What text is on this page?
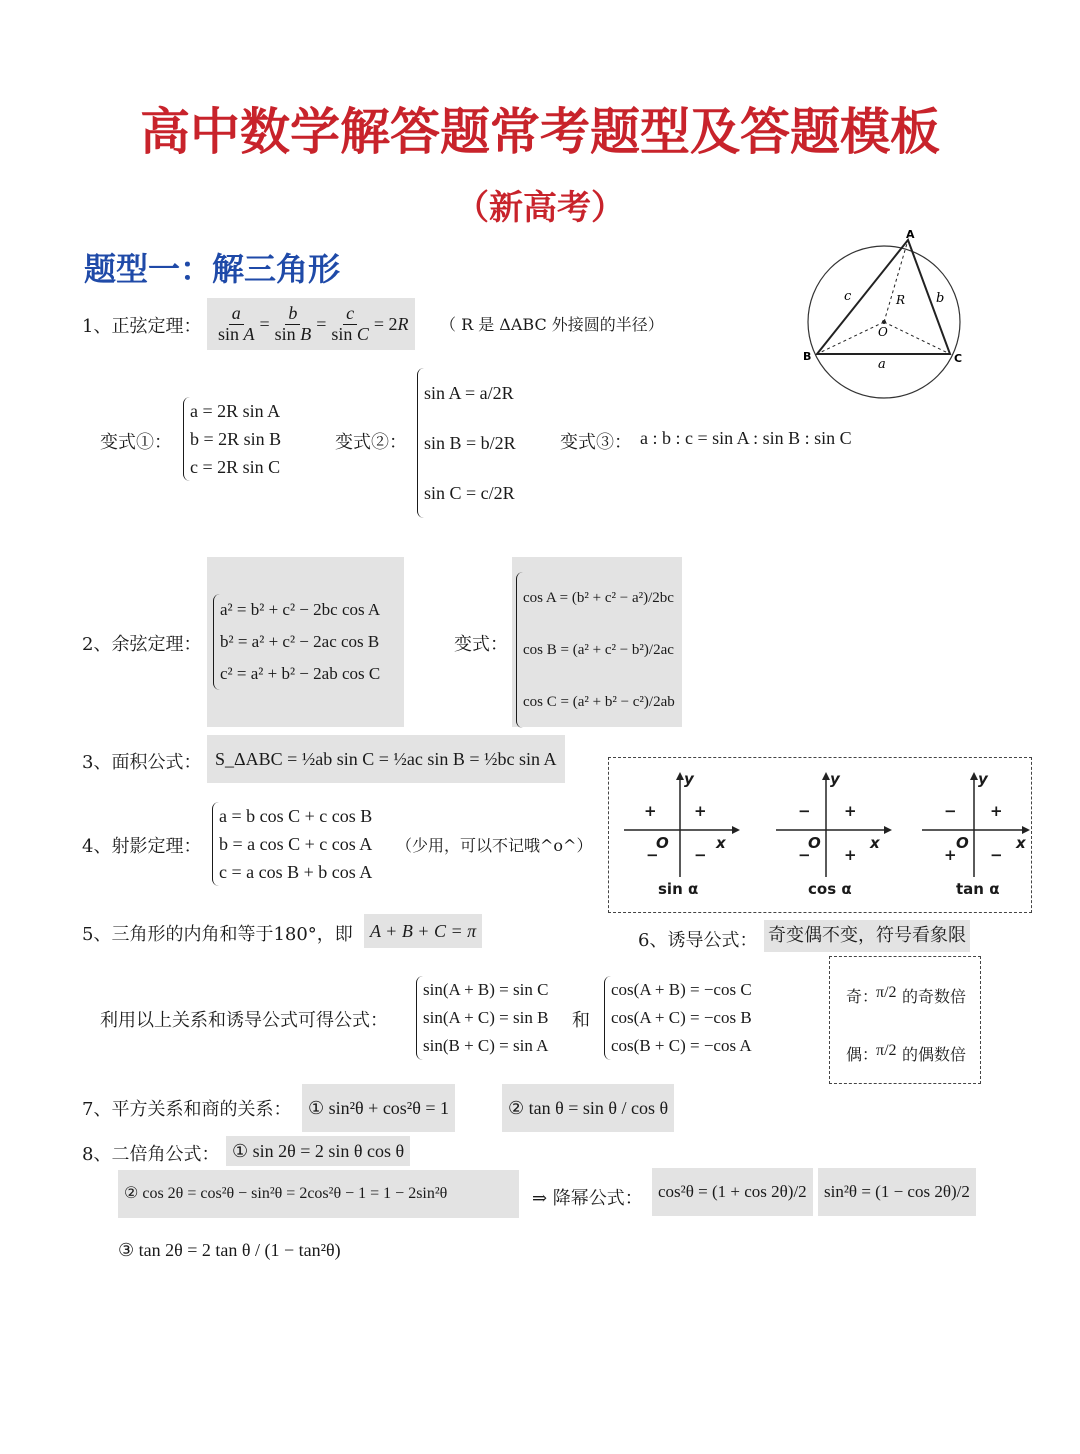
高中数学解答题常考题型及答题模板
（新高考）
题型一：解三角形
A
B	C
a
b
c	R
O
1、正弦定理： $\frac{a}{\text{sin A}} = \frac{b}{\text{sin B}} = \frac{c}{\text{sin C}} = 2$ R （ R 是 ΔABC 外接圆的半径）
变式①：
a = 2R sin A
b = 2R sin B
c = 2R sin C
变式②：
sin A = a/2R
sin B = b/2R
sin C = c/2R
变式③： a : b : c = sin A : sin B : sin C
2、余弦定理：
a² = b² + c² − 2bc cos A
b² = a² + c² − 2ac cos B
c² = a² + b² − 2ab cos C
变式：
cos A = (b² + c² − a²)/2bc
cos B = (a² + c² − b²)/2ac
cos C = (a² + b² − c²)/2ab
3、面积公式： S_ΔABC = ½ab sin C = ½ac sin B = ½bc sin A
y
x
O
+ +
− −
sin α
y
x
O
− +
− +
cos α
y
x
O
− +
+ −
tan α
4、射影定理：
a = b cos C + c cos B
b = a cos C + c cos A
c = a cos B + b cos A
（少用，可以不记哦^o^）
5、三角形的内角和等于180°，即 A + B + C = π	6、诱导公式： 奇变偶不变，符号看象限
利用以上关系和诱导公式可得公式：
sin(A + B) = sin C
sin(A + C) = sin B
sin(B + C) = sin A
和
cos(A + B) = −cos C
cos(A + C) = −cos B
cos(B + C) = −cos A
奇：
π/2 的奇数倍
偶：
π/2 的偶数倍
7、平方关系和商的关系： ① sin²θ + cos²θ = 1	② tan θ = sin θ / cos θ
8、二倍角公式： ① sin 2θ = 2 sin θ cos θ
② cos 2θ = cos²θ − sin²θ = 2cos²θ − 1 = 1 − 2sin²θ	⇒ 降幂公式： cos²θ = (1 + cos 2θ)/2	sin²θ = (1 − cos 2θ)/2
③ tan 2θ = 2 tan θ / (1 − tan²θ)
